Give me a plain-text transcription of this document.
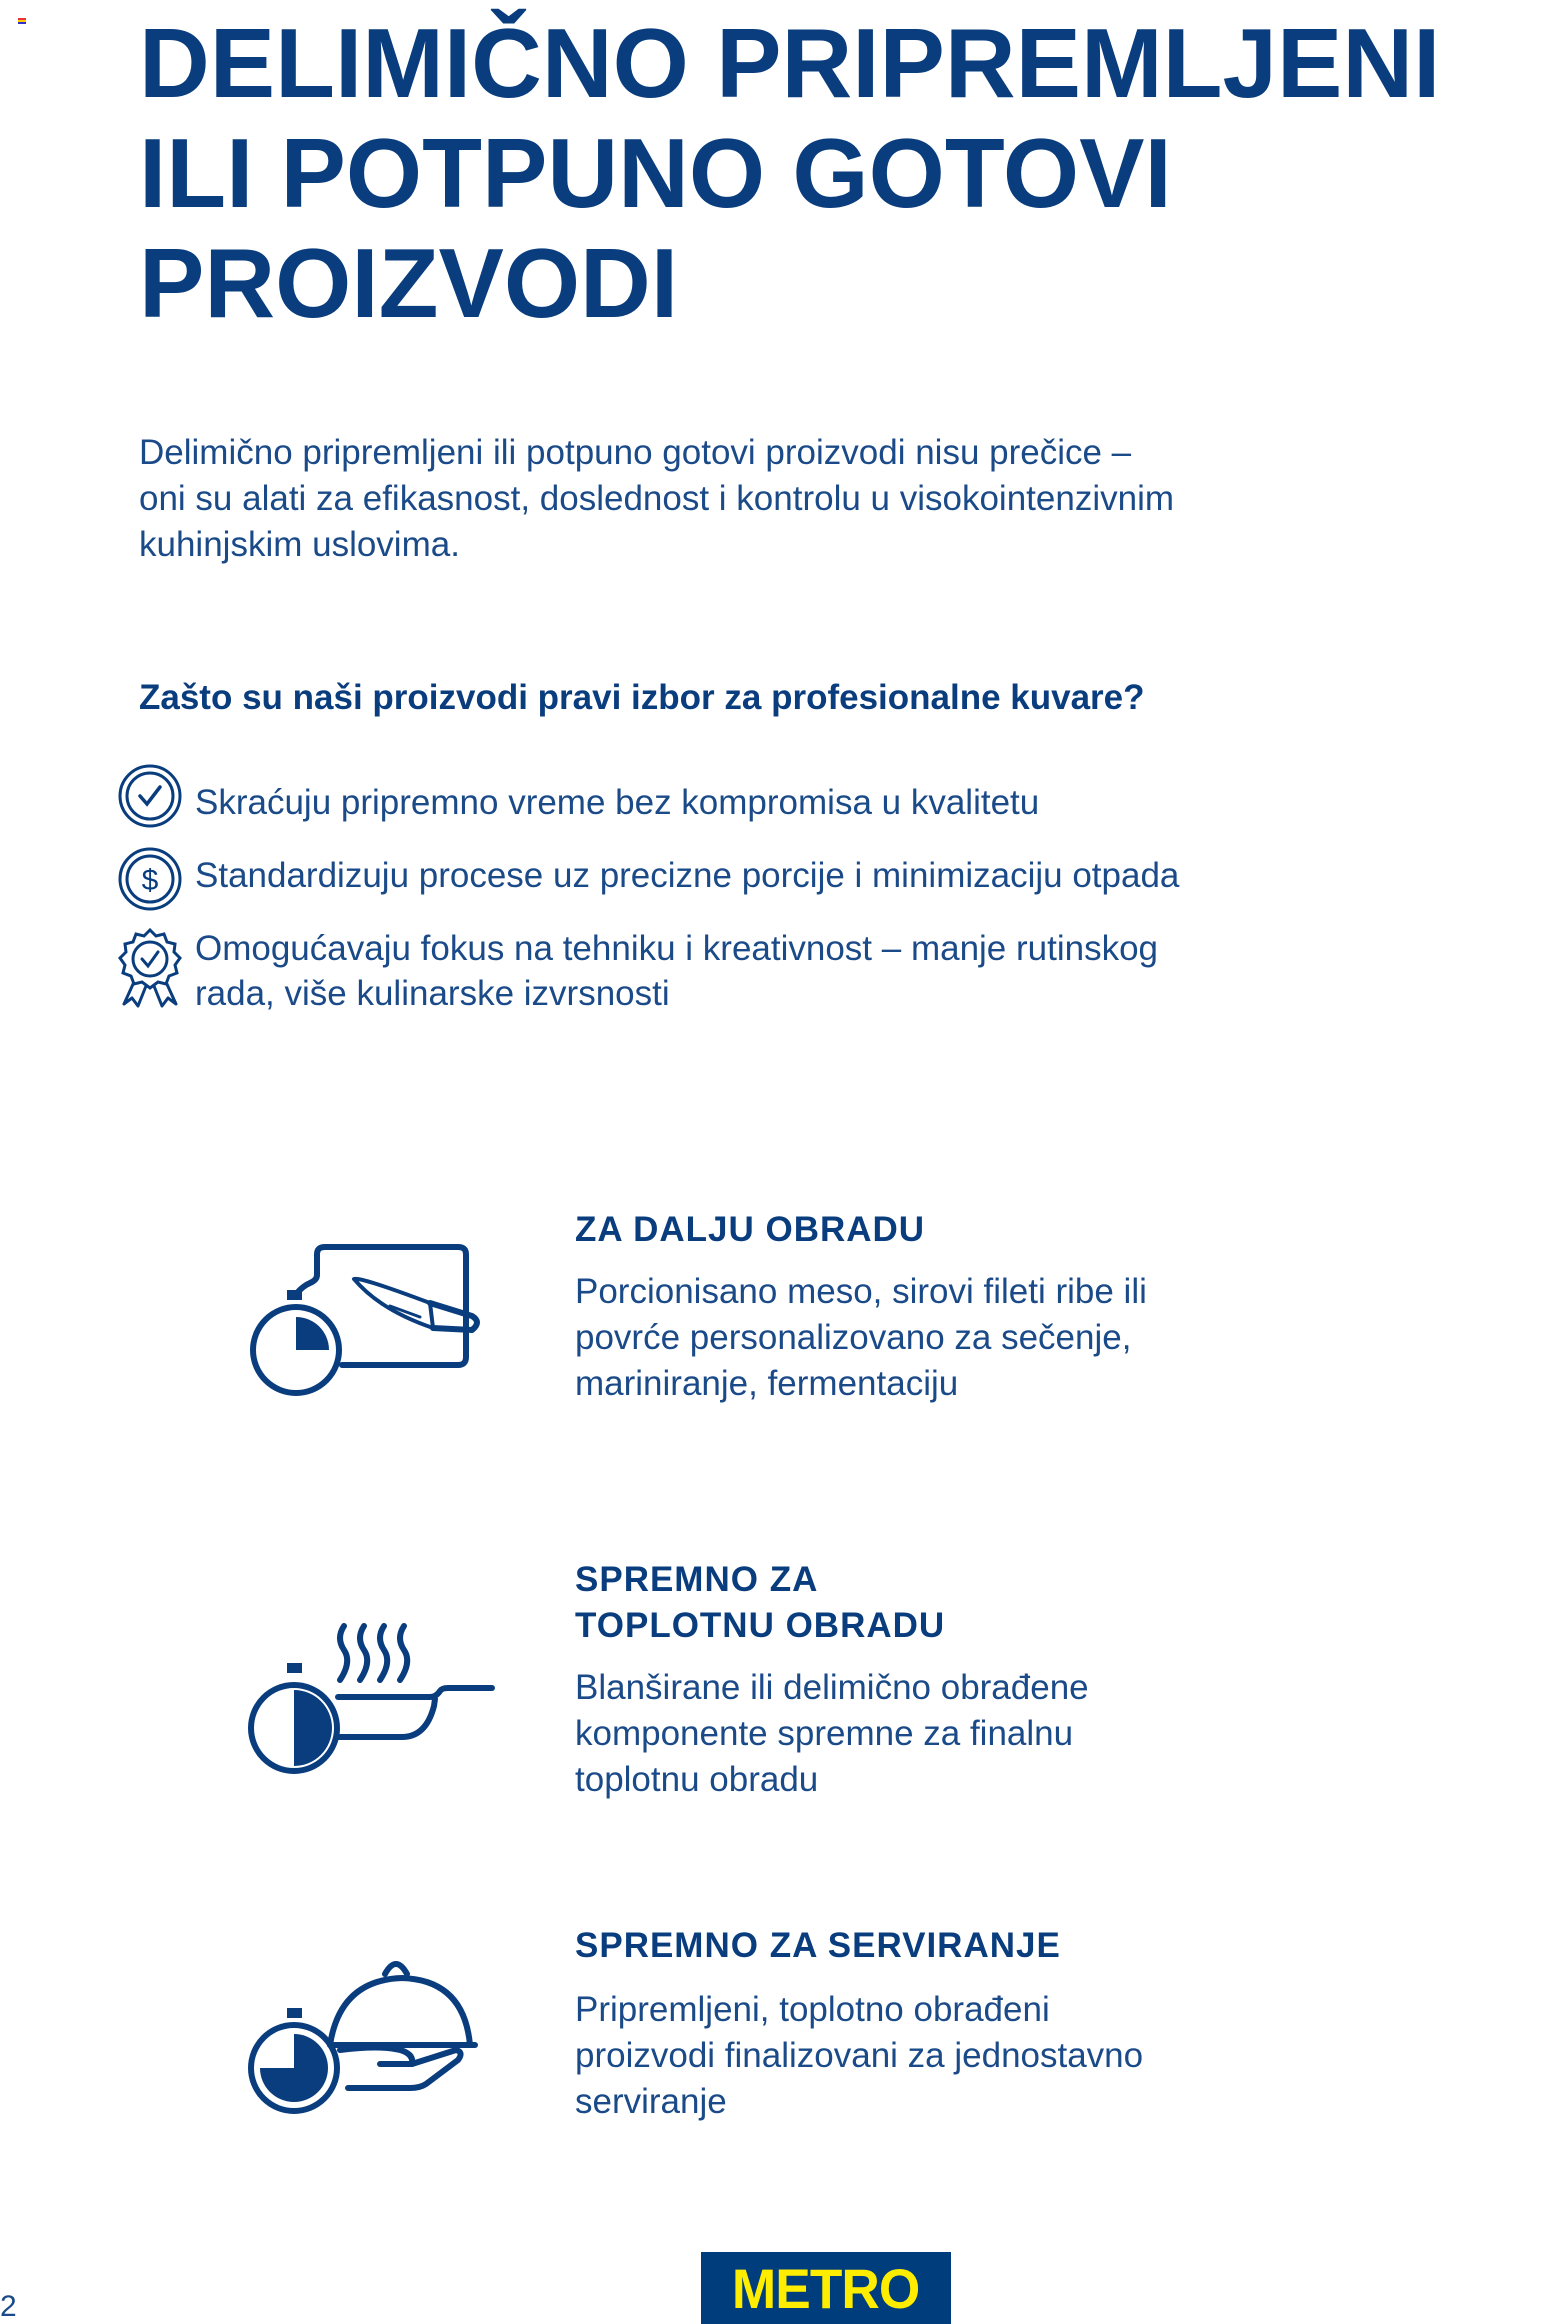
DELIMIČNO PRIPREMLJENI
ILI POTPUNO GOTOVI
PROIZVODI
Delimično pripremljeni ili potpuno gotovi proizvodi nisu prečice –
oni su alati za efikasnost, doslednost i kontrolu u visokointenzivnim
kuhinjskim uslovima.
Zašto su naši proizvodi pravi izbor za profesionalne kuvare?
$
Skraćuju pripremno vreme bez kompromisa u kvalitetu
Standardizuju procese uz precizne porcije i minimizaciju otpada
Omogućavaju fokus na tehniku i kreativnost – manje rutinskog
rada, više kulinarske izvrsnosti
ZA DALJU OBRADU
Porcionisano meso, sirovi fileti ribe ili
povrće personalizovano za sečenje,
mariniranje, fermentaciju
SPREMNO ZA
TOPLOTNU OBRADU
Blanširane ili delimično obrađene
komponente spremne za finalnu
toplotnu obradu
SPREMNO ZA SERVIRANJE
Pripremljeni, toplotno obrađeni
proizvodi finalizovani za jednostavno
serviranje
2	METRO
